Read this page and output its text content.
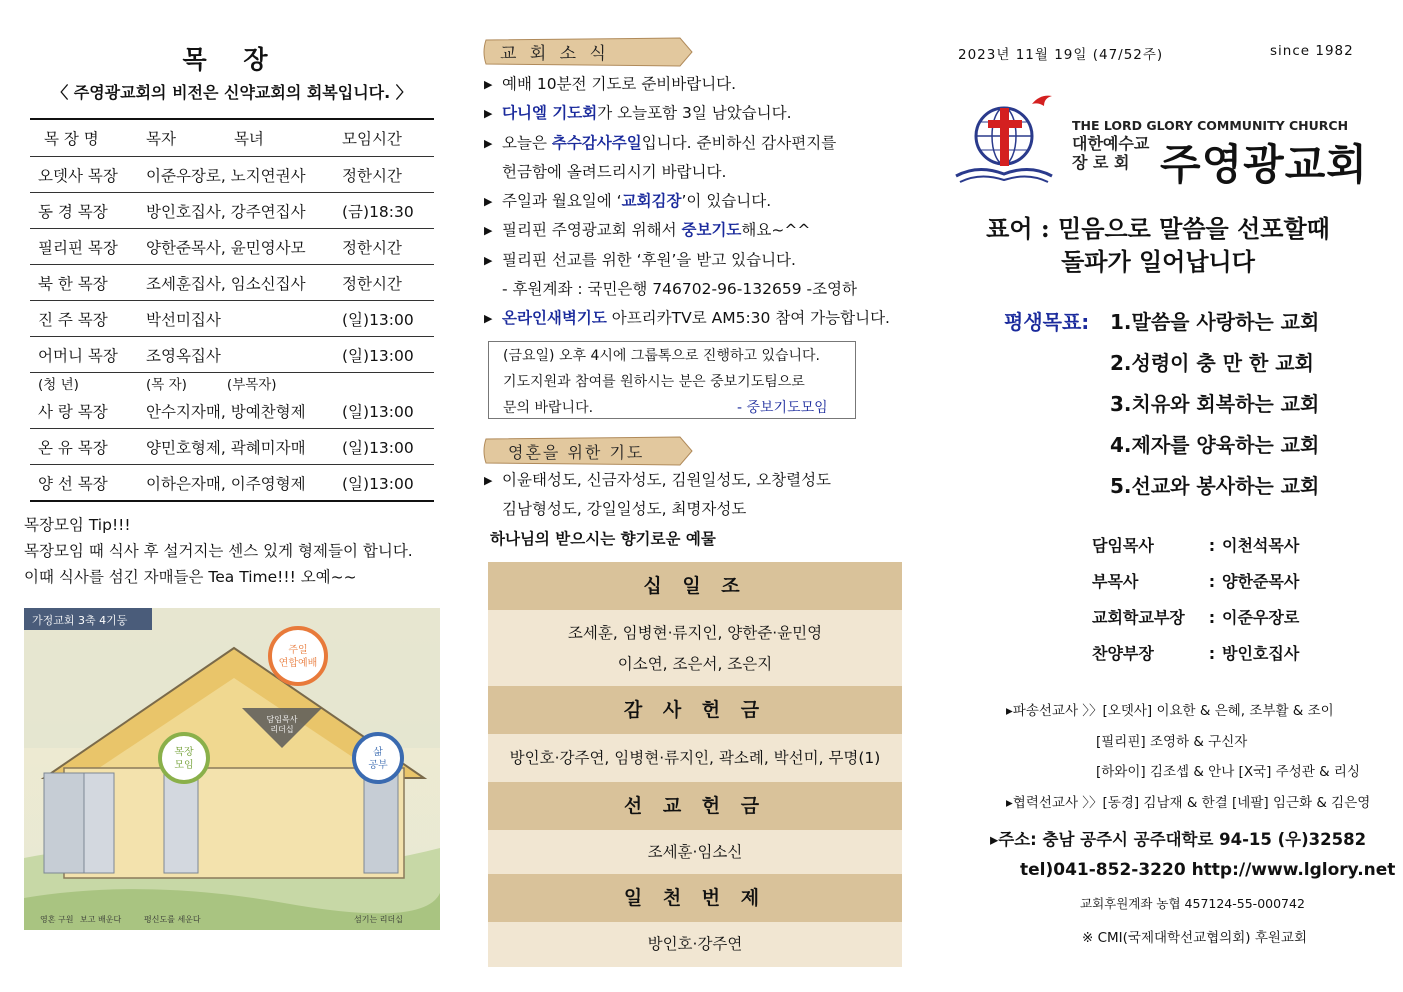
목 장
〈 주영광교회의 비전은 신약교회의 회복입니다. 〉
목 장 명	목자 목녀	모임시간
오뎃사 목장	이준우장로, 노지연권사	정한시간
동 경 목장	방인호집사, 강주연집사	(금)18:30
필리핀 목장	양한준목사, 윤민영사모	정한시간
북 한 목장	조세훈집사, 임소신집사	정한시간
진 주 목장	박선미집사	(일)13:00
어머니 목장	조영옥집사	(일)13:00
(청 년)	(목 자) (부목자)	
사 랑 목장	안수지자매, 방예찬형제	(일)13:00
온 유 목장	양민호형제, 곽혜미자매	(일)13:00
양 선 목장	이하은자매, 이주영형제	(일)13:00
목장모임 Tip!!!
목장모임 때 식사 후 설거지는 센스 있게 형제들이 합니다.
이때 식사를 섬긴 자매들은 Tea Time!!! 오예~~
가정교회 3축 4기둥
주일
연합예배
목장
모임
삶
공부
담임목사
리더십
영혼 구원 보고 배운다	평신도를 세운다	섬기는 리더십
교 회 소 식
▶ 예배 10분전 기도로 준비바랍니다.
▶ 다니엘 기도회가 오늘포함 3일 남았습니다.
▶ 오늘은 추수감사주일입니다. 준비하신 감사편지를
헌금함에 올려드리시기 바랍니다.
▶ 주일과 월요일에 ‘교회김장’이 있습니다.
▶ 필리핀 주영광교회 위해서 중보기도해요~^^
▶ 필리핀 선교를 위한 ‘후원’을 받고 있습니다.
- 후원계좌 : 국민은행 746702-96-132659 -조영하
▶ 온라인새벽기도 아프리카TV로 AM5:30 참여 가능합니다.
(금요일) 오후 4시에 그룹톡으로 진행하고 있습니다.
기도지원과 참여를 원하시는 분은 중보기도팀으로
문의 바랍니다.	- 중보기도모임
영혼을 위한 기도
▶ 이윤태성도, 신금자성도, 김원일성도, 오창렬성도
김남형성도, 강일일성도, 최명자성도
하나님의 받으시는 향기로운 예물
십 일 조
조세훈, 임병현·류지인, 양한준·윤민영
이소연, 조은서, 조은지
감 사 헌 금
방인호·강주연, 임병현·류지인, 곽소례, 박선미, 무명(1)
선 교 헌 금
조세훈·임소신
일 천 번 제
방인호·강주연
2023년 11월 19일 (47/52주)	since 1982
THE LORD GLORY COMMUNITY CHURCH
대한예수교
장 로 회 주영광교회
표어 : 믿음으로 말씀을 선포할때
돌파가 일어납니다
평생목표: 1.말씀을 사랑하는 교회
2.성령이 충 만 한 교회
3.치유와 회복하는 교회
4.제자를 양육하는 교회
5.선교와 봉사하는 교회
담임목사	: 이천석목사
부목사	: 양한준목사
교회학교부장	: 이준우장로
찬양부장	: 방인호집사
▸파송선교사 〉〉[오뎃사] 이요한 & 은혜, 조부활 & 조이
[필리핀] 조영하 & 구신자
[하와이] 김조셉 & 안나 [X국] 주성관 & 리싱
▸협력선교사 〉〉[동경] 김남재 & 한결 [네팔] 임근화 & 김은영
▸주소: 충남 공주시 공주대학로 94-15 (우)32582
tel)041-852-3220 http://www.lglory.net
교회후원계좌 농협 457124-55-000742
※ CMI(국제대학선교협의회) 후원교회
